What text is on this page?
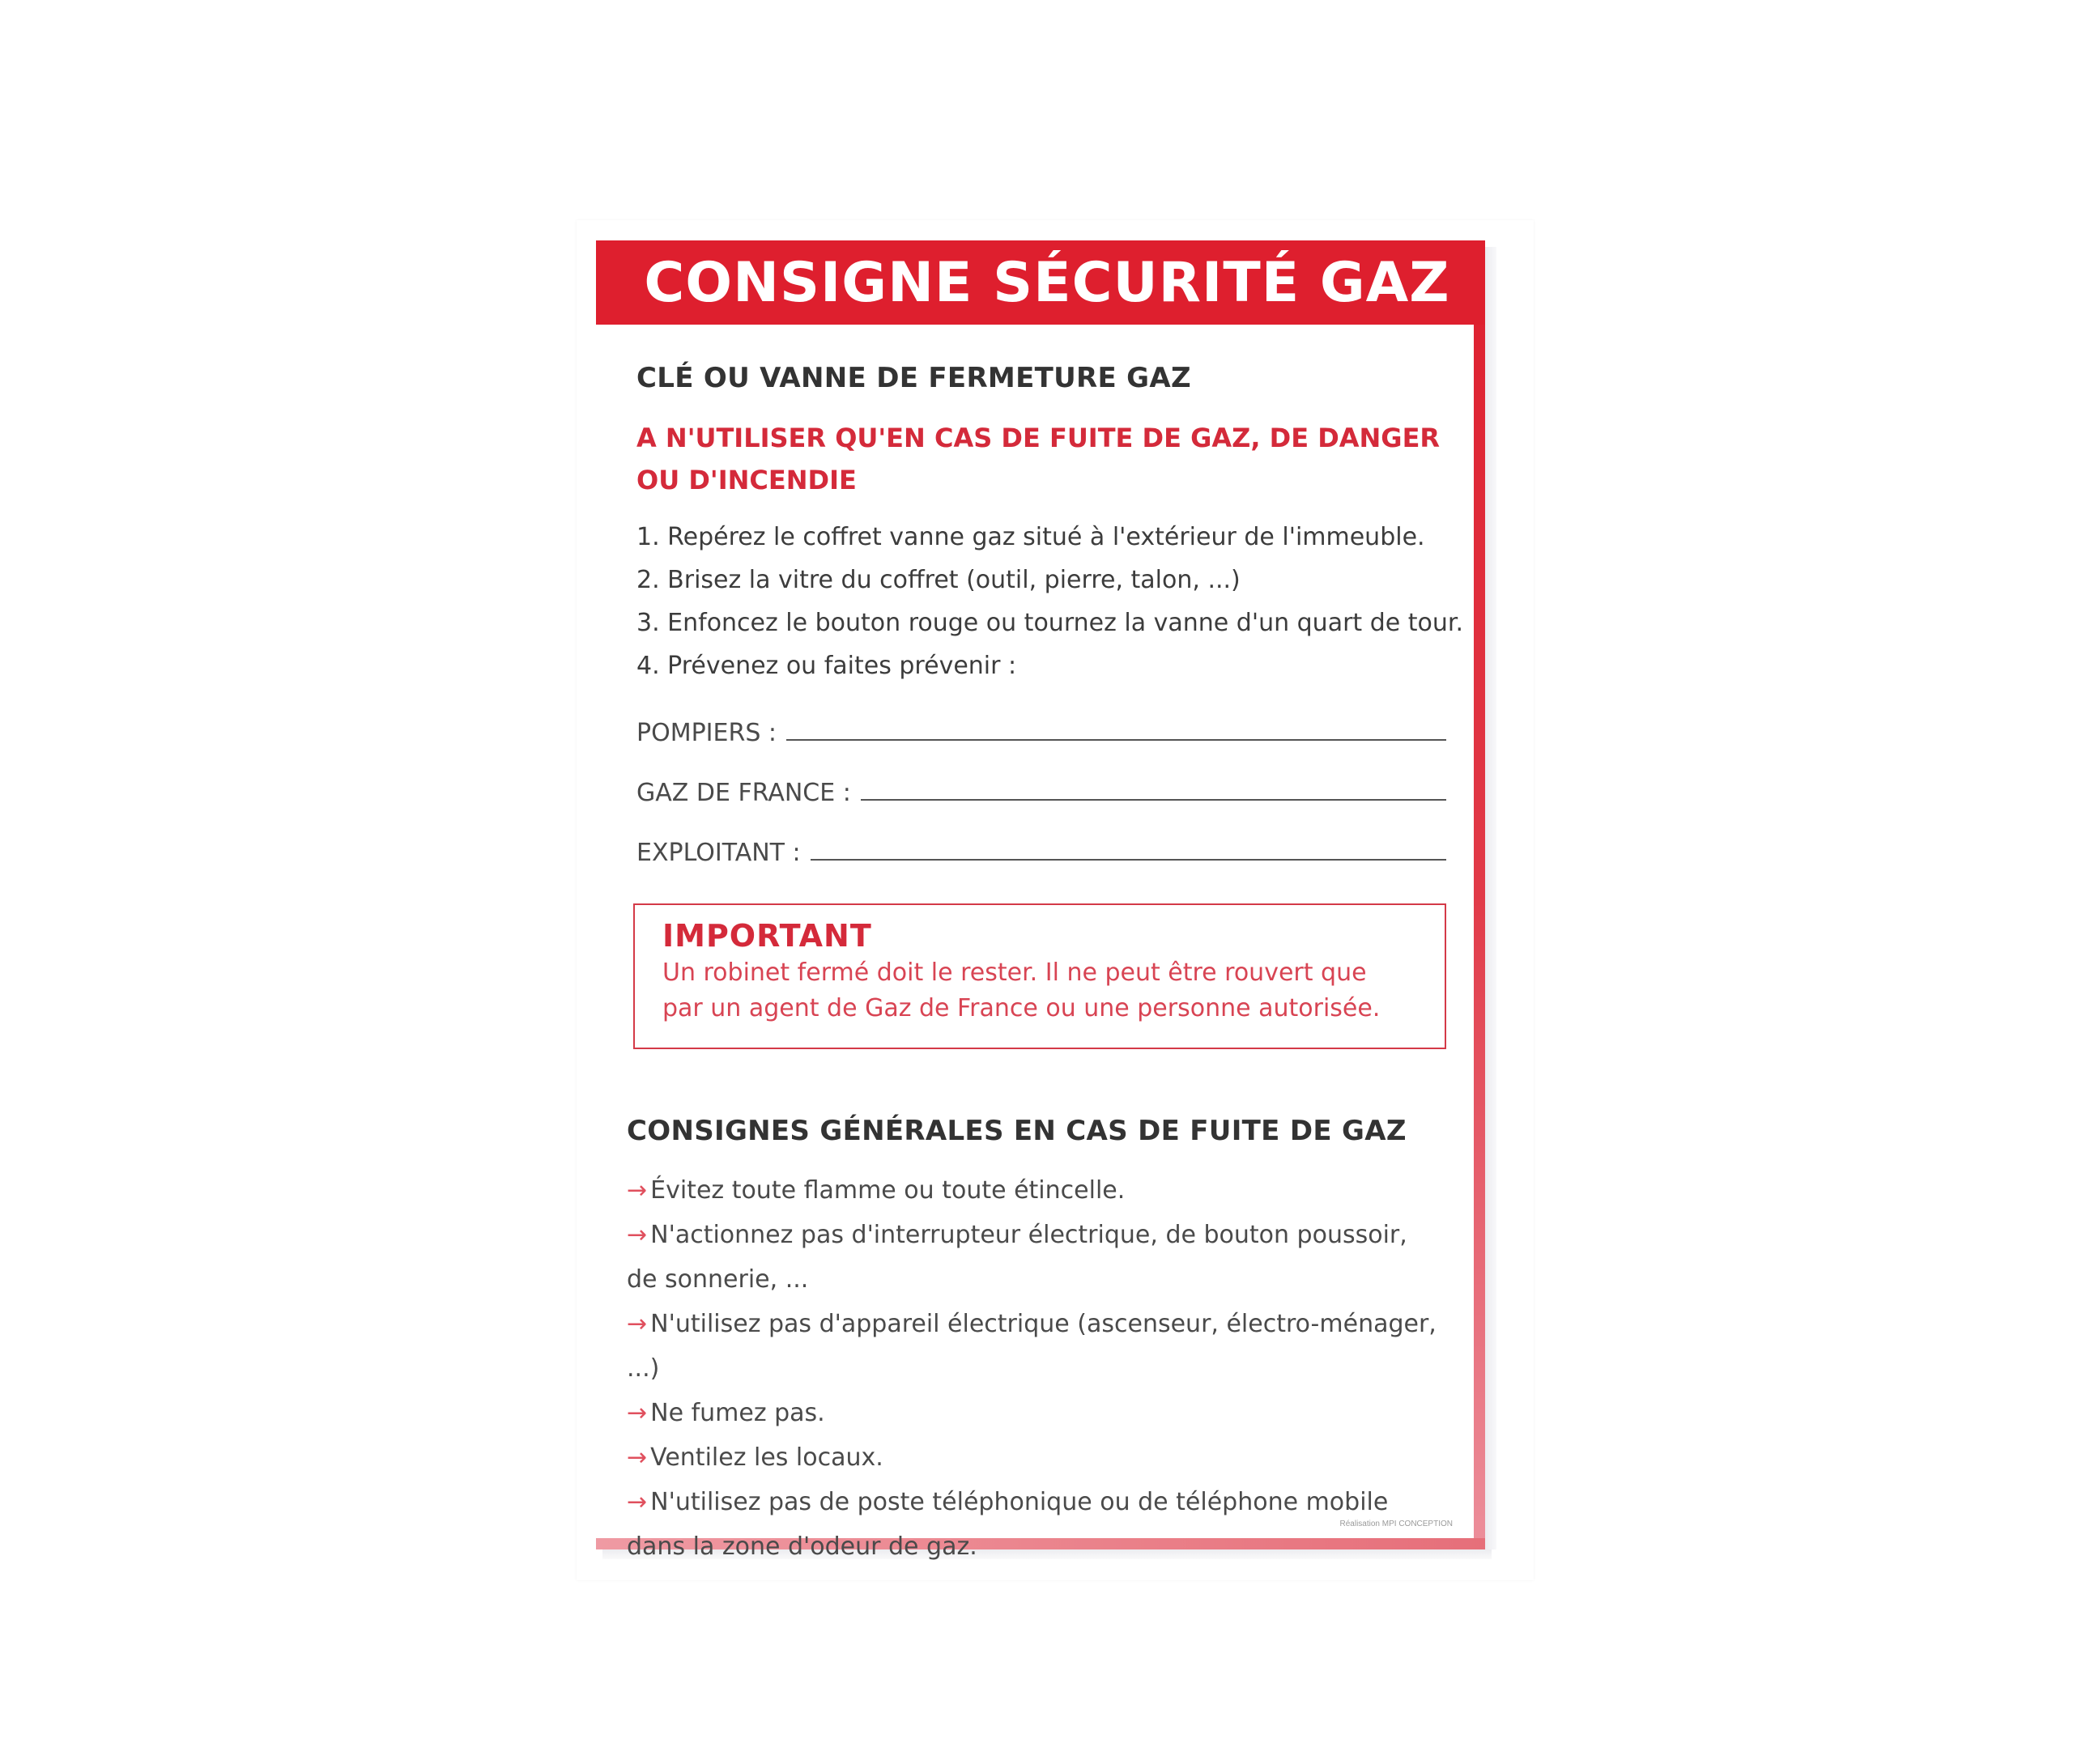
CONSIGNE SÉCURITÉ GAZ
CLÉ OU VANNE DE FERMETURE GAZ
A N'UTILISER QU'EN CAS DE FUITE DE GAZ, DE DANGER
OU D'INCENDIE
1. Repérez le coffret vanne gaz situé à l'extérieur de l'immeuble.
2. Brisez la vitre du coffret (outil, pierre, talon, ...)
3. Enfoncez le bouton rouge ou tournez la vanne d'un quart de tour.
4. Prévenez ou faites prévenir :
POMPIERS :
GAZ DE FRANCE :
EXPLOITANT :
IMPORTANT
Un robinet fermé doit le rester. Il ne peut être rouvert que
par un agent de Gaz de France ou une personne autorisée.
CONSIGNES GÉNÉRALES EN CAS DE FUITE DE GAZ
→ Évitez toute flamme ou toute étincelle.
→ N'actionnez pas d'interrupteur électrique, de bouton poussoir,
de sonnerie, ...
→ N'utilisez pas d'appareil électrique (ascenseur, électro-ménager, ...)
→ Ne fumez pas.
→ Ventilez les locaux.
→ N'utilisez pas de poste téléphonique ou de téléphone mobile
dans la zone d'odeur de gaz.
Réalisation MPI CONCEPTION
